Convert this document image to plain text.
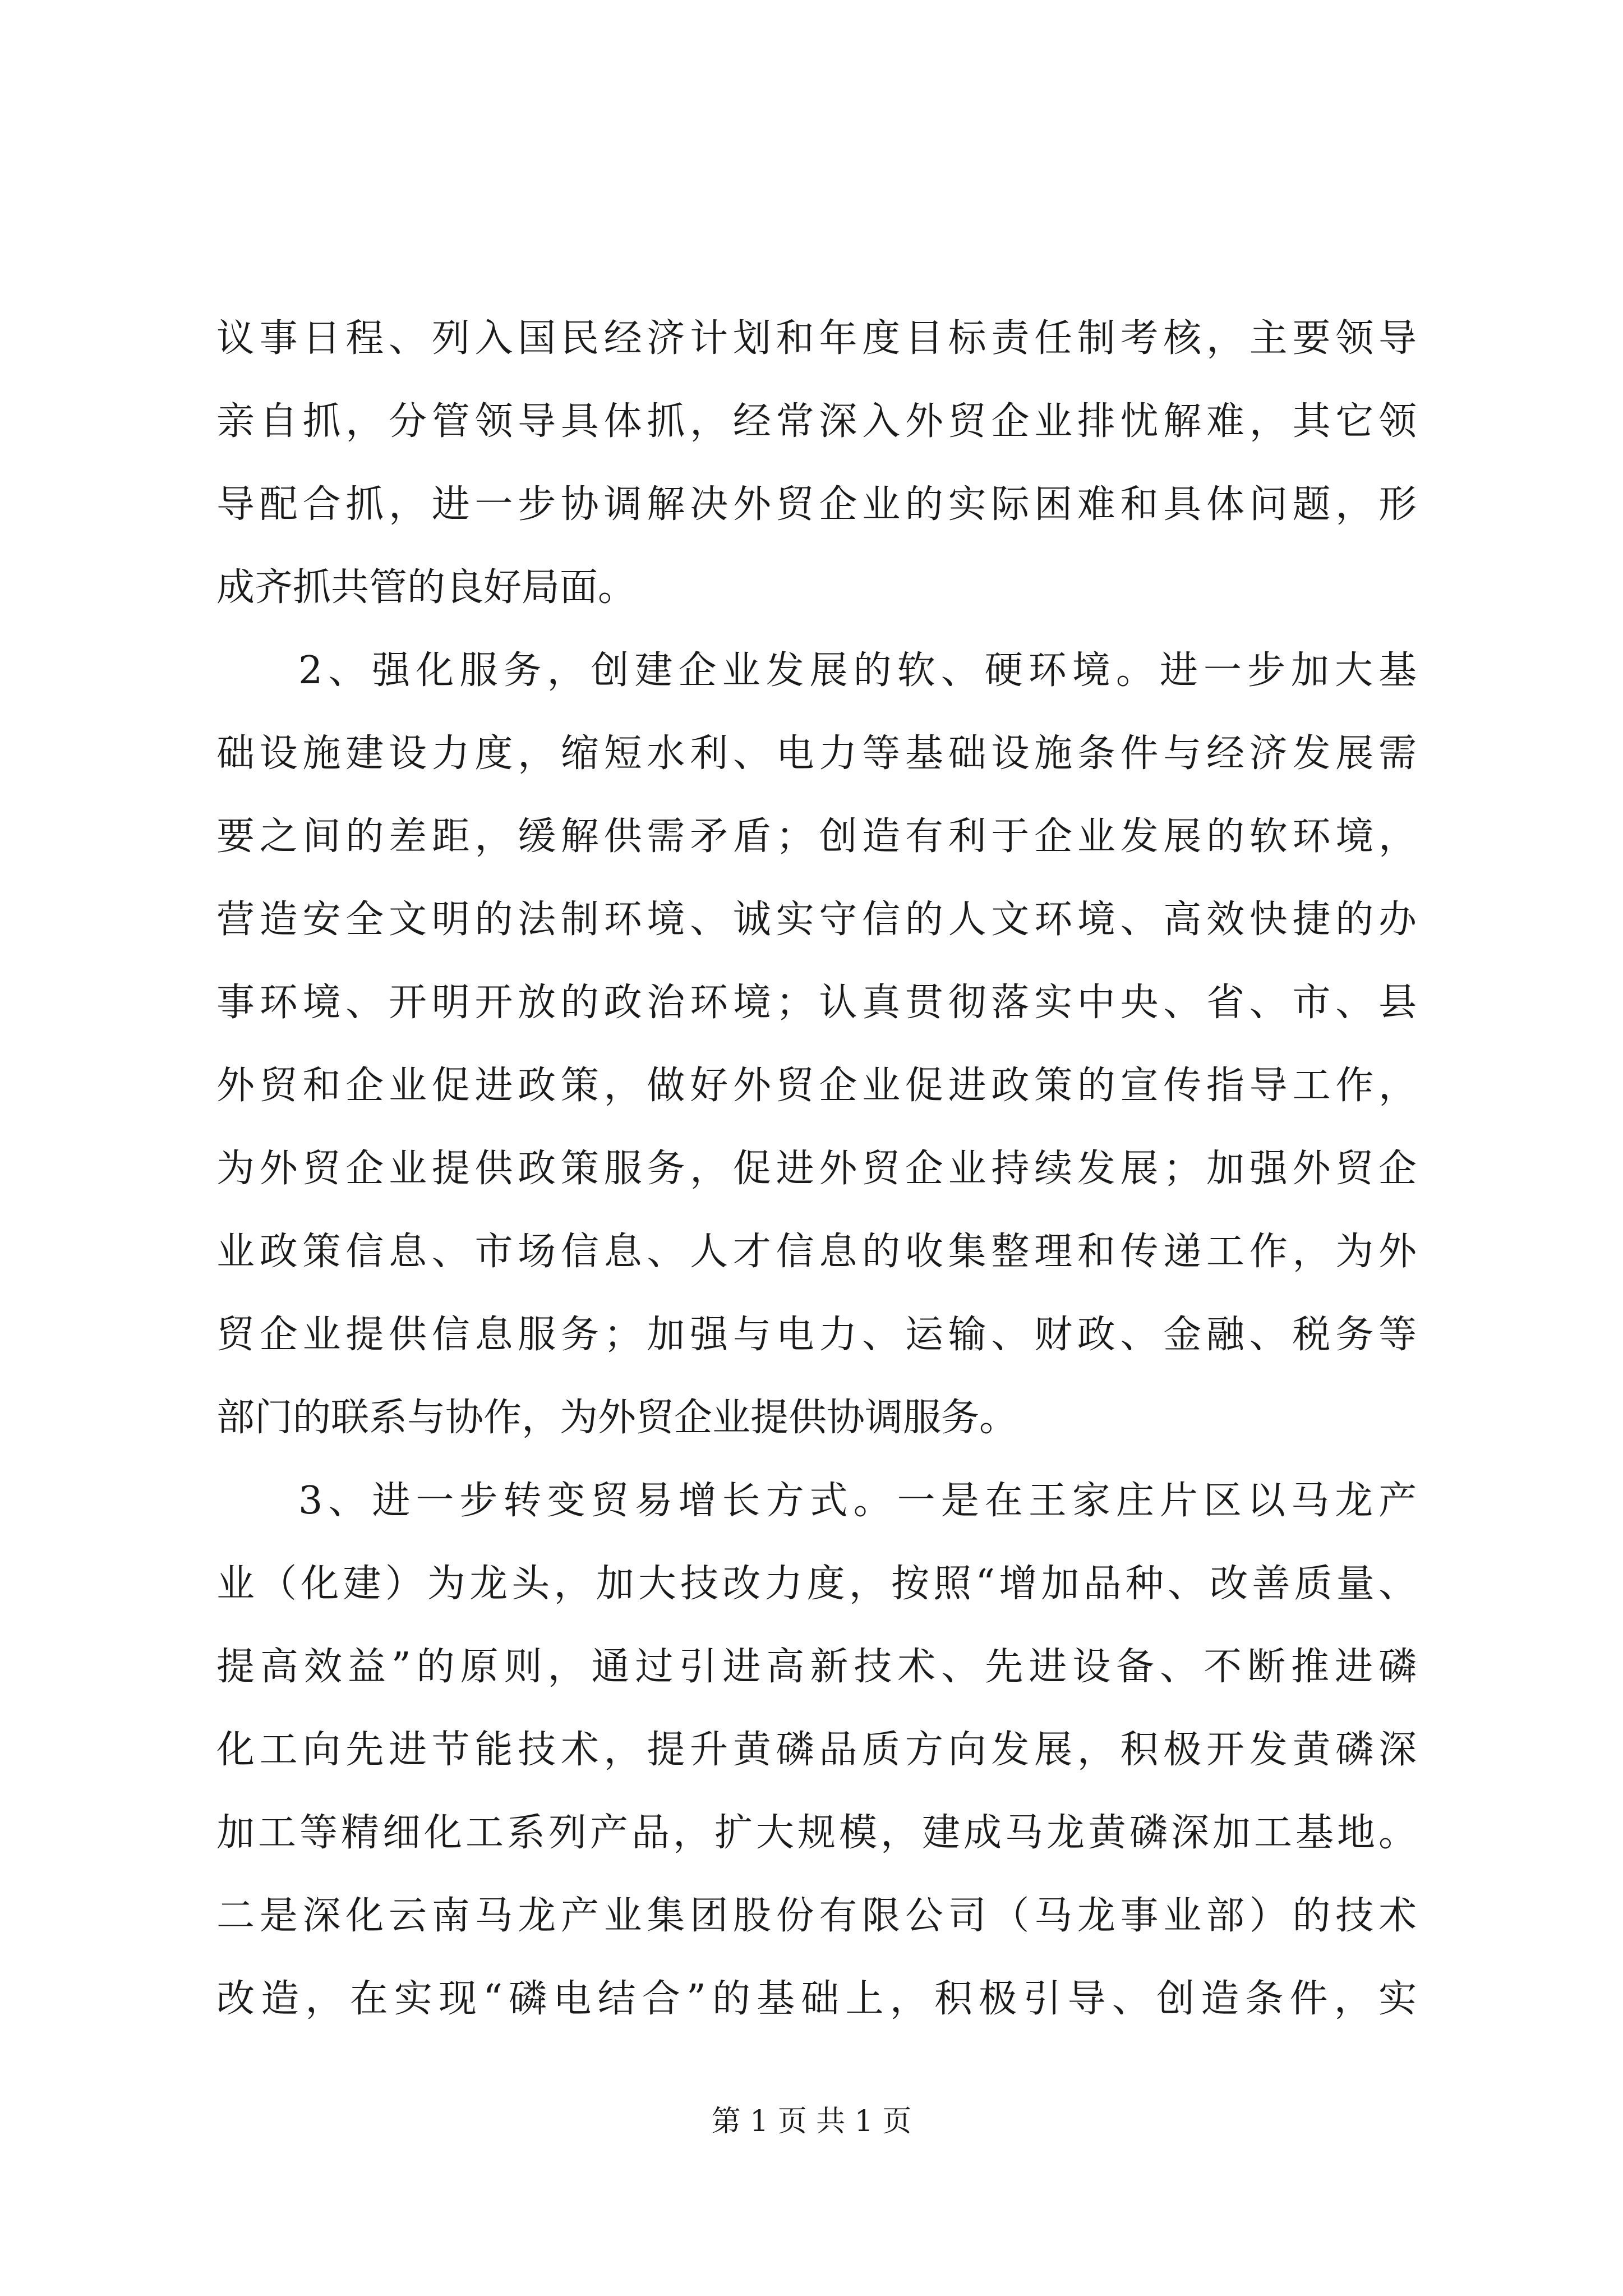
议事日程、列入国民经济计划和年度目标责任制考核，主要领导
亲自抓，分管领导具体抓，经常深入外贸企业排忧解难，其它领
导配合抓，进一步协调解决外贸企业的实际困难和具体问题，形
成齐抓共管的良好局面。
2、强化服务，创建企业发展的软、硬环境。进一步加大基
础设施建设力度，缩短水利、电力等基础设施条件与经济发展需
要之间的差距，缓解供需矛盾；创造有利于企业发展的软环境，
营造安全文明的法制环境、诚实守信的人文环境、高效快捷的办
事环境、开明开放的政治环境；认真贯彻落实中央、省、市、县
外贸和企业促进政策，做好外贸企业促进政策的宣传指导工作，
为外贸企业提供政策服务，促进外贸企业持续发展；加强外贸企
业政策信息、市场信息、人才信息的收集整理和传递工作，为外
贸企业提供信息服务；加强与电力、运输、财政、金融、税务等
部门的联系与协作，为外贸企业提供协调服务。
3、进一步转变贸易增长方式。一是在王家庄片区以马龙产
业（化建）为龙头，加大技改力度，按照“增加品种、改善质量、
提高效益”的原则，通过引进高新技术、先进设备、不断推进磷
化工向先进节能技术，提升黄磷品质方向发展，积极开发黄磷深
加工等精细化工系列产品，扩大规模，建成马龙黄磷深加工基地。
二是深化云南马龙产业集团股份有限公司（马龙事业部）的技术
改造，在实现“磷电结合”的基础上，积极引导、创造条件，实
第 1 页 共 1 页
